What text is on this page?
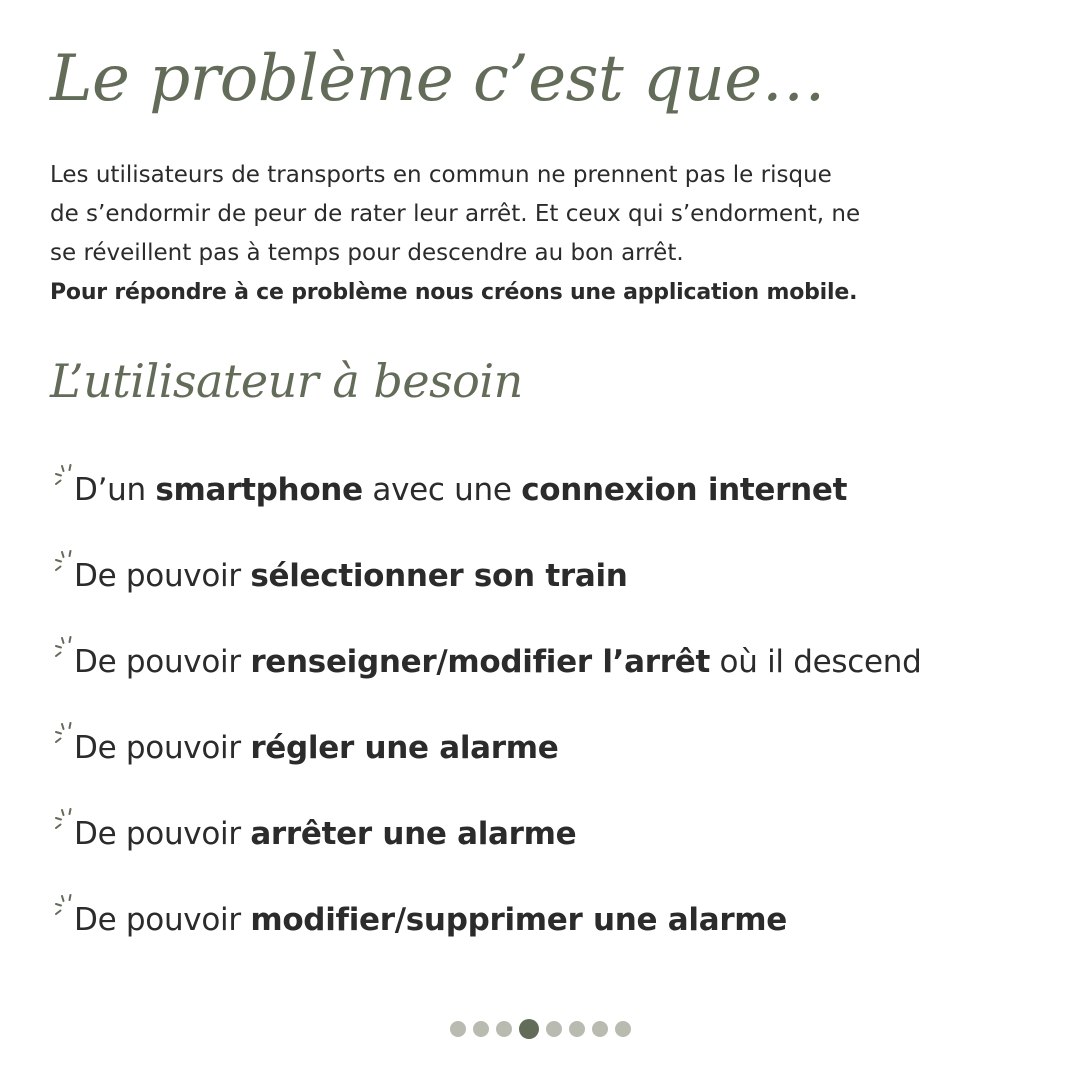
Le problème c’est que…

Les utilisateurs de transports en commun ne prennent pas le risque

de s’endormir de peur de rater leur arrêt. Et ceux qui s’endorment, ne

se réveillent pas à temps pour descendre au bon arrêt.

Pour répondre à ce problème nous créons une application mobile.

L’utilisateur à besoin
D’un smartphone avec une connexion internet
De pouvoir sélectionner son train
De pouvoir renseigner/modifier l’arrêt où il descend
De pouvoir régler une alarme
De pouvoir arrêter une alarme
De pouvoir modifier/supprimer une alarme
